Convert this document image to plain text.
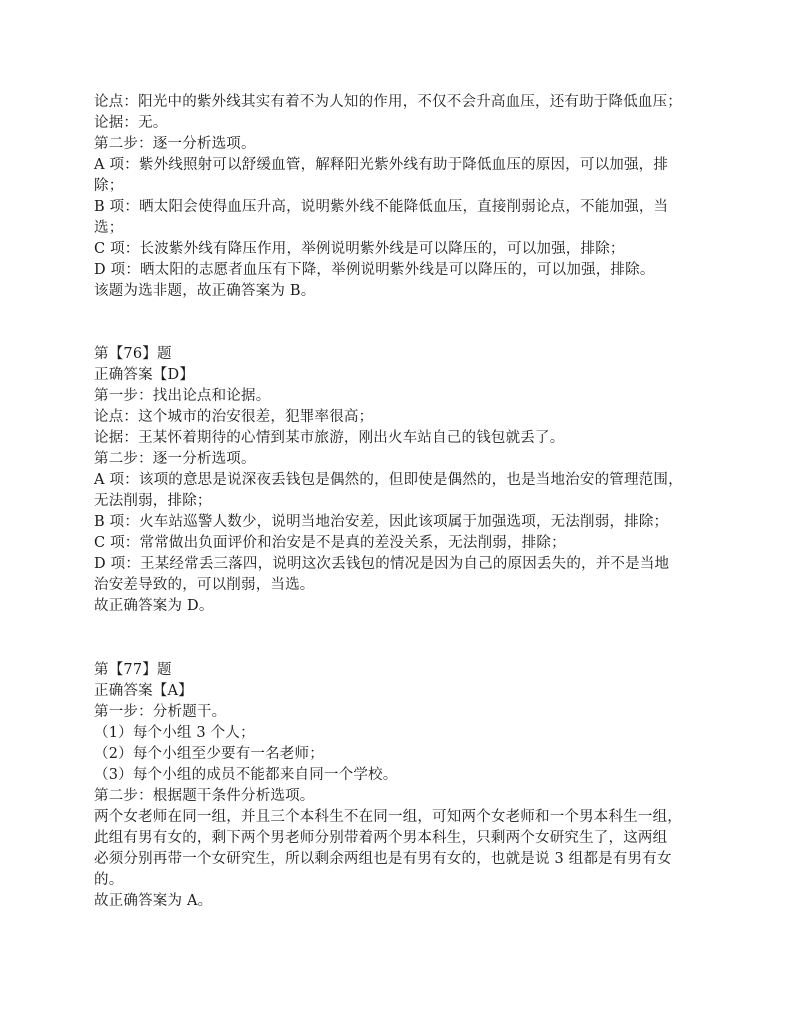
论点：阳光中的紫外线其实有着不为人知的作用，不仅不会升高血压，还有助于降低血压；
论据：无。
第二步：逐一分析选项。
A 项：紫外线照射可以舒缓血管，解释阳光紫外线有助于降低血压的原因，可以加强，排
除；
B 项：晒太阳会使得血压升高，说明紫外线不能降低血压，直接削弱论点，不能加强，当
选；
C 项：长波紫外线有降压作用，举例说明紫外线是可以降压的，可以加强，排除；
D 项：晒太阳的志愿者血压有下降，举例说明紫外线是可以降压的，可以加强，排除。
该题为选非题，故正确答案为 B。
第【76】题
正确答案【D】
第一步：找出论点和论据。
论点：这个城市的治安很差，犯罪率很高；
论据：王某怀着期待的心情到某市旅游，刚出火车站自己的钱包就丢了。
第二步：逐一分析选项。
A 项：该项的意思是说深夜丢钱包是偶然的，但即使是偶然的，也是当地治安的管理范围，
无法削弱，排除；
B 项：火车站巡警人数少，说明当地治安差，因此该项属于加强选项，无法削弱，排除；
C 项：常常做出负面评价和治安是不是真的差没关系，无法削弱，排除；
D 项：王某经常丢三落四，说明这次丢钱包的情况是因为自己的原因丢失的，并不是当地
治安差导致的，可以削弱，当选。
故正确答案为 D。
第【77】题
正确答案【A】
第一步：分析题干。
（1）每个小组 3 个人；
（2）每个小组至少要有一名老师；
（3）每个小组的成员不能都来自同一个学校。
第二步：根据题干条件分析选项。
两个女老师在同一组，并且三个本科生不在同一组，可知两个女老师和一个男本科生一组，
此组有男有女的，剩下两个男老师分别带着两个男本科生，只剩两个女研究生了，这两组
必须分别再带一个女研究生，所以剩余两组也是有男有女的，也就是说 3 组都是有男有女
的。
故正确答案为 A。
